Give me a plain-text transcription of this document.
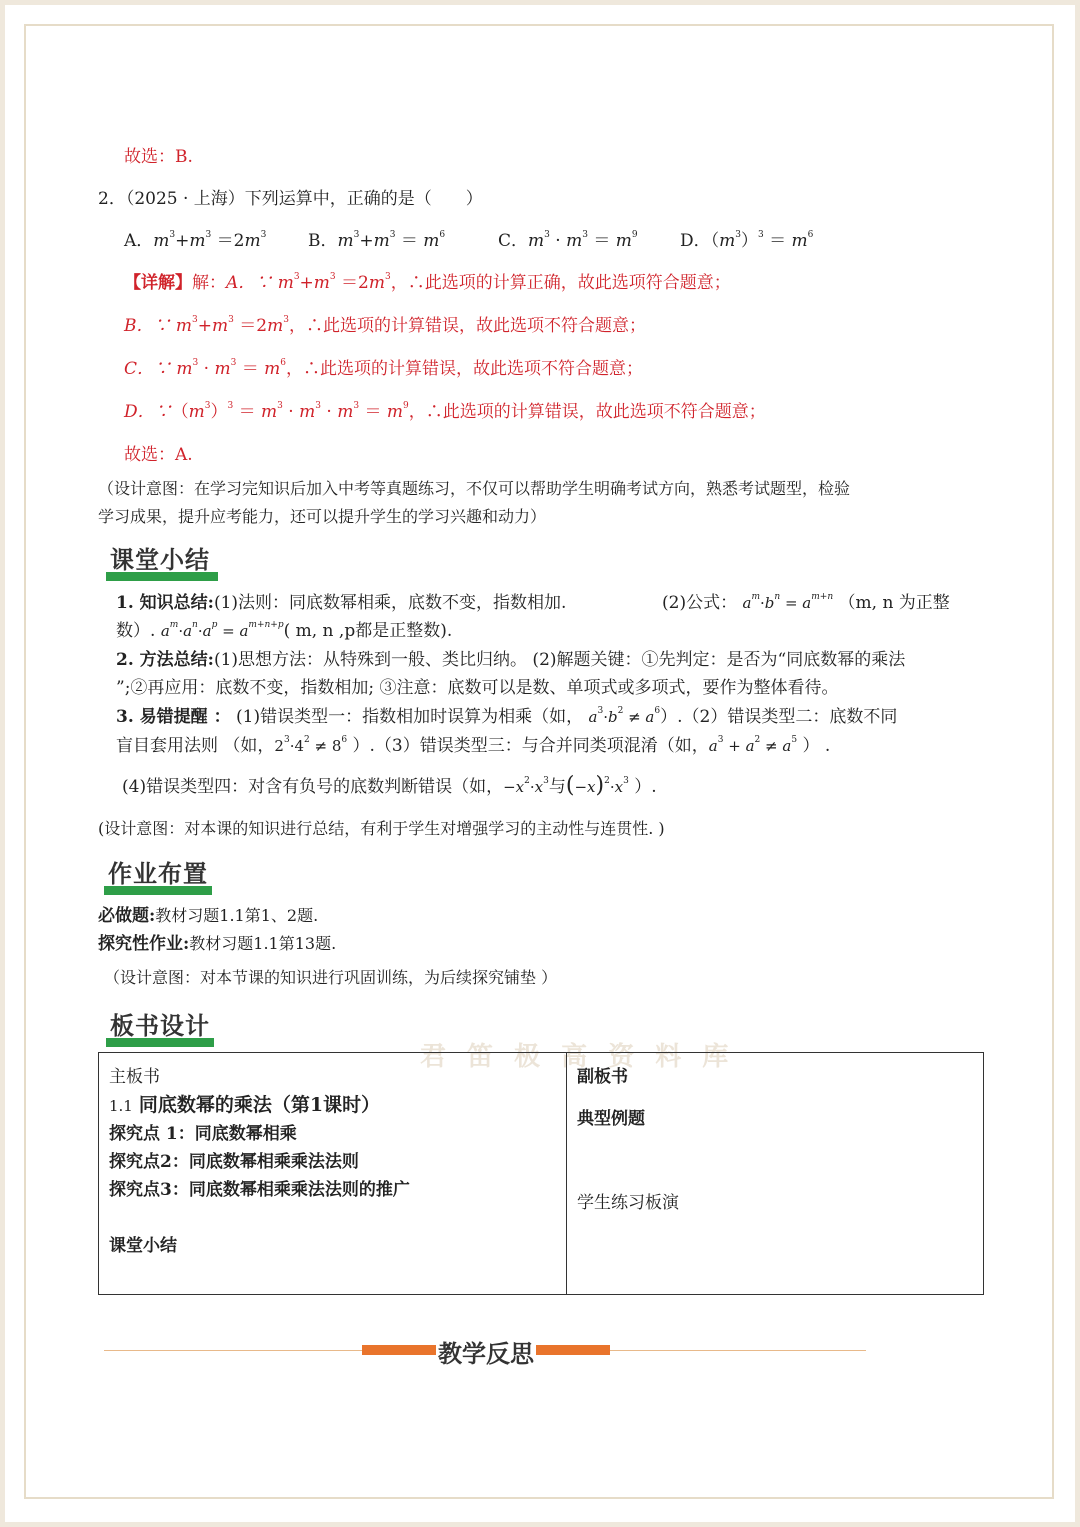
君 笛 极 高 资 料 库
故选：B.
2．（2025 · 上海）下列运算中，正确的是（　　）
A．$m^3+m^3 =2m^3$ B．$m^3+m^3 = m^6$	C．$m^3 \cdot m^3 = m^9$ D．$(m^3)^3 = m^6$
【详解】解：A．∵ $m^3+m^3 =2m^3$，∴此选项的计算正确，故此选项符合题意；
B．∵ $m^3+m^3 =2m^3$，∴此选项的计算错误，故此选项不符合题意；
C．∵ $m^3 \cdot m^3 = m^6$，∴此选项的计算错误，故此选项不符合题意；
D．$\because(m^3)^3 = m^3 \cdot m^3 \cdot m^3 = m^9$，∴此选项的计算错误，故此选项不符合题意；
故选：A.
（设计意图：在学习完知识后加入中考等真题练习，不仅可以帮助学生明确考试方向，熟悉考试题型，检验
学习成果，提升应考能力，还可以提升学生的学习兴趣和动力）
课堂小结
1. 知识总结:(1)法则：同底数幂相乘，底数不变，指数相加.	(2)公式： $a^m\cdot b^n = a^{m+n}$ （m, n 为正整
数）. $a^m\cdot a^n\cdot a^p = a^{m+n+p}$( m, n ,p都是正整数).
2. 方法总结:(1)思想方法：从特殊到一般、类比归纳。 (2)解题关键：①先判定：是否为“同底数幂的乘法
”;②再应用：底数不变，指数相加; ③注意：底数可以是数、单项式或多项式，要作为整体看待。
3. 易错提醒 ： (1)错误类型一：指数相加时误算为相乘（如， $a^3\cdot b^2 \ne a^6).(2)$错误类型二：底数不同
盲目套用法则 （如，$2^3\cdot 4^2 \ne 8^6$ ）.（3）错误类型三：与合并同类项混淆（如，$a^3 + a^2 \ne a^5$ ） .
(4)错误类型四：对含有负号的底数判断错误（如，$-x^2\cdot x^3$与$(-x)^2\cdot x^3$ ）.
(设计意图：对本课的知识进行总结，有利于学生对增强学习的主动性与连贯性. )
作业布置
必做题:教材习题1.1第1、2题.
探究性作业:教材习题1.1第13题.
（设计意图：对本节课的知识进行巩固训练，为后续探究铺垫 ）
板书设计
主板书
1.1 同底数幂的乘法（第1课时）
探究点 1：同底数幂相乘
探究点2：同底数幂相乘乘法法则
探究点3：同底数幂相乘乘法法则的推广
课堂小结

副板书
典型例题
学生练习板演
教学反思
